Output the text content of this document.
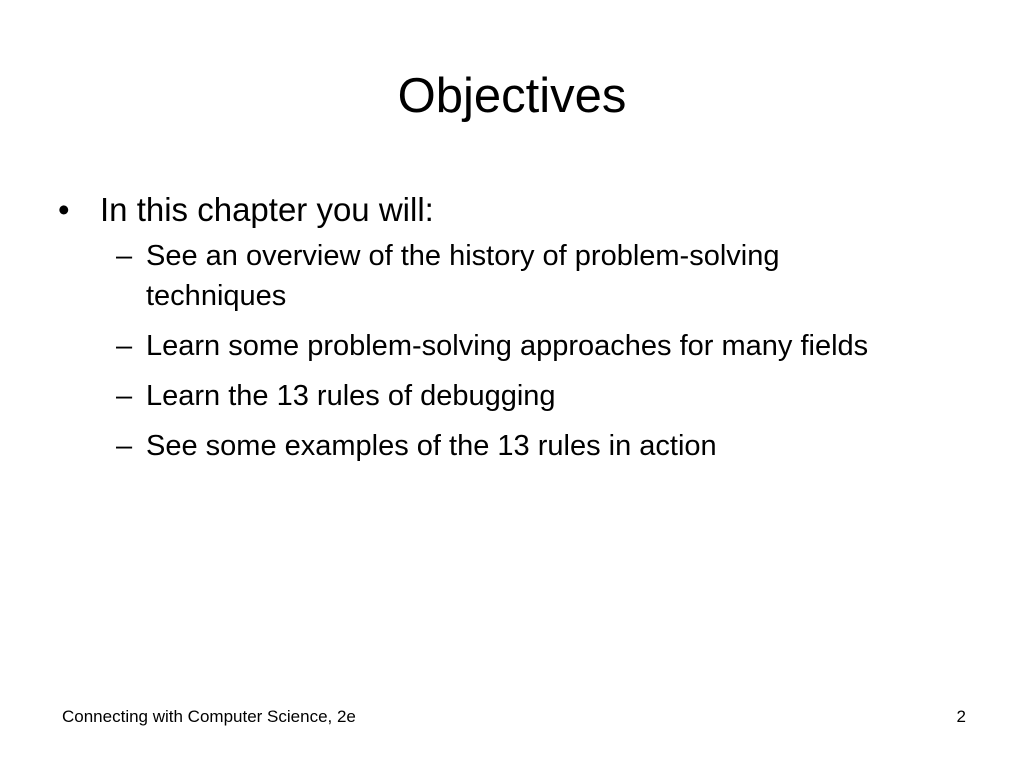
Objectives
• In this chapter you will:
– See an overview of the history of problem-solving techniques
– Learn some problem-solving approaches for many fields
– Learn the 13 rules of debugging
– See some examples of the 13 rules in action
Connecting with Computer Science, 2e	2
